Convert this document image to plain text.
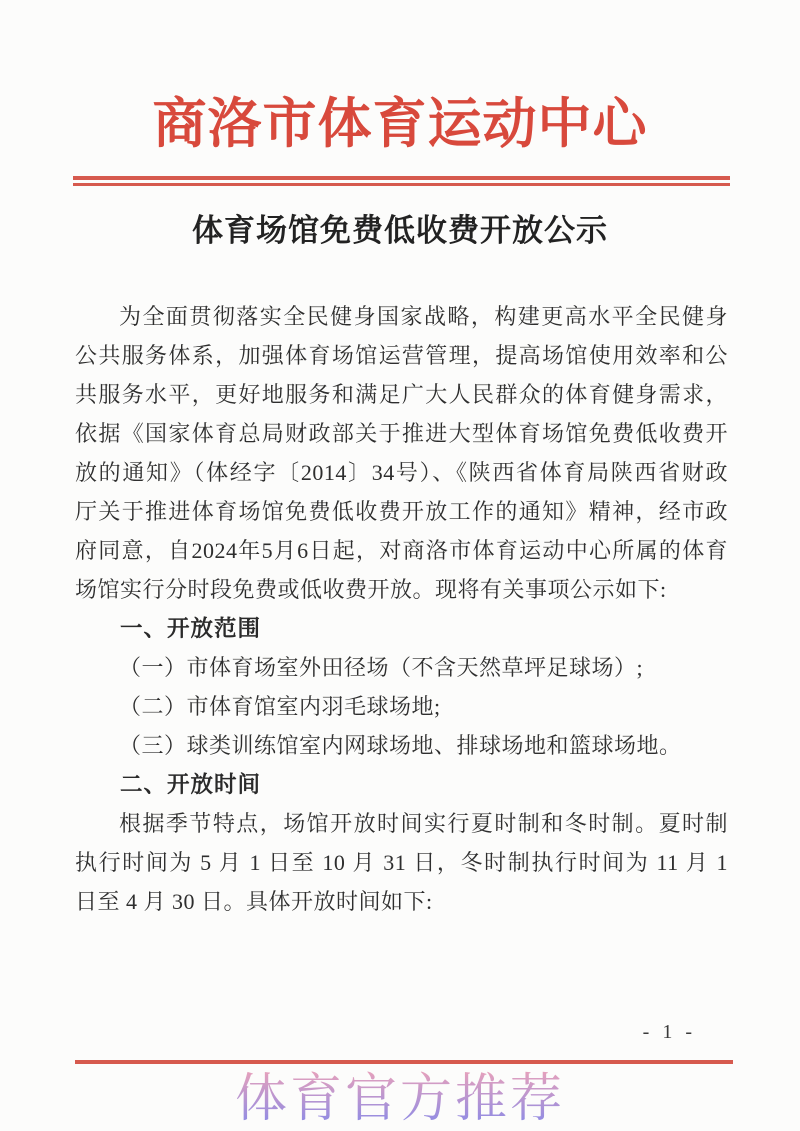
商洛市体育运动中心
体育场馆免费低收费开放公示
为全面贯彻落实全民健身国家战略，构建更高水平全民健身
公共服务体系，加强体育场馆运营管理，提高场馆使用效率和公
共服务水平，更好地服务和满足广大人民群众的体育健身需求，
依据《国家体育总局财政部关于推进大型体育场馆免费低收费开
放的通知》（体经字〔2014〕34号）、《陕西省体育局陕西省财政
厅关于推进体育场馆免费低收费开放工作的通知》精神，经市政
府同意，自2024年5月6日起，对商洛市体育运动中心所属的体育
场馆实行分时段免费或低收费开放。现将有关事项公示如下:
一、开放范围
（一）市体育场室外田径场（不含天然草坪足球场）;
（二）市体育馆室内羽毛球场地;
（三）球类训练馆室内网球场地、排球场地和篮球场地。
二、开放时间
根据季节特点，场馆开放时间实行夏时制和冬时制。夏时制
执行时间为 5 月 1 日至 10 月 31 日，冬时制执行时间为 11 月 1
日至 4 月 30 日。具体开放时间如下:
- 1 -
体育官方推荐
